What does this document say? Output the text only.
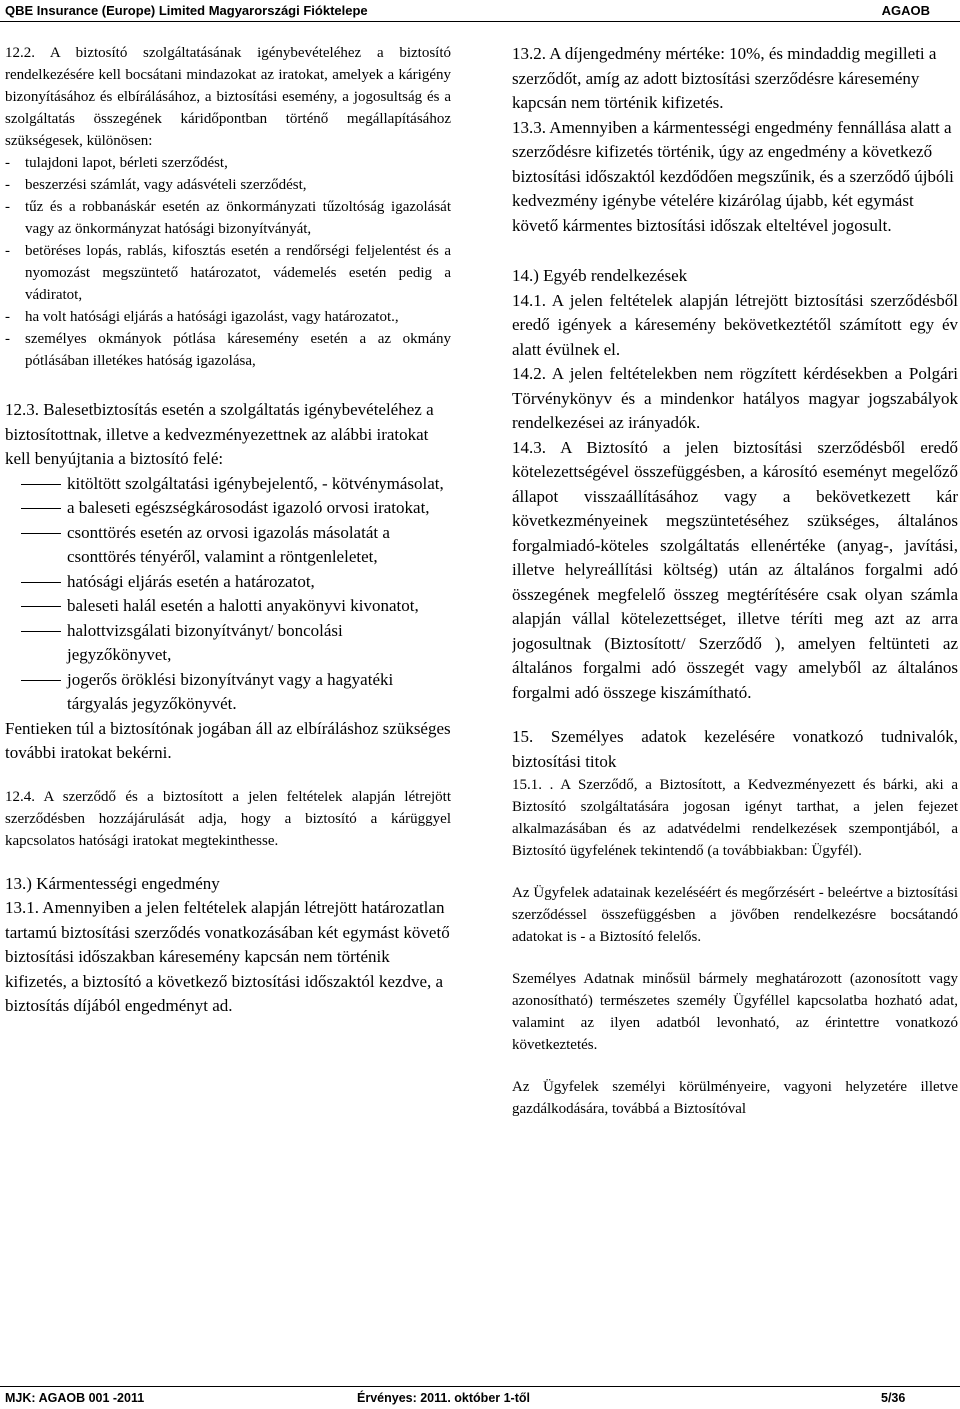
QBE Insurance (Europe) Limited Magyarországi Fióktelepe	AGAOB

12.2. A biztosító szolgáltatásának igénybevételéhez a biztosító rendelkezésére kell bocsátani mindazokat az iratokat, amelyek a kárigény bizonyításához és elbírálásához, a biztosítási esemény, a jogosultság és a szolgáltatás összegének káridőpontban történő megállapításához szükségesek, különösen:

- tulajdoni lapot, bérleti szerződést,
- beszerzési számlát, vagy adásvételi szerződést,
- tűz és a robbanáskár esetén az önkormányzati tűzoltóság igazolását vagy az önkormányzat hatósági bizonyítványát,
- betöréses lopás, rablás, kifosztás esetén a rendőrségi feljelentést és a nyomozást megszüntető határozatot, vádemelés esetén pedig a vádiratot,
- ha volt hatósági eljárás a hatósági igazolást, vagy határozatot.,
- személyes okmányok pótlása káresemény esetén a az okmány pótlásában illetékes hatóság igazolása,

12.3. Balesetbiztosítás esetén a szolgáltatás igénybevételéhez a biztosítottnak, illetve a kedvezményezettnek az alábbi iratokat kell benyújtania a biztosító felé:

kitöltött szolgáltatási igénybejelentő, - kötvénymásolat,
a baleseti egészségkárosodást igazoló orvosi iratokat,
csonttörés esetén az orvosi igazolás másolatát a csonttörés tényéről, valamint a röntgenleletet,
hatósági eljárás esetén a határozatot,
baleseti halál esetén a halotti anyakönyvi kivonatot,
halottvizsgálati bizonyítványt/ boncolási jegyzőkönyvet,
jogerős öröklési bizonyítványt vagy a hagyatéki tárgyalás jegyzőkönyvét.

Fentieken túl a biztosítónak jogában áll az elbíráláshoz szükséges további iratokat bekérni.

12.4. A szerződő és a biztosított a jelen feltételek alapján létrejött szerződésben hozzájárulását adja, hogy a biztosító a kárüggyel kapcsolatos hatósági iratokat megtekinthesse.

13.) Kármentességi engedmény

13.1. Amennyiben a jelen feltételek alapján létrejött határozatlan tartamú biztosítási szerződés vonatkozásában két egymást követő biztosítási időszakban káresemény kapcsán nem történik kifizetés, a biztosító a következő biztosítási időszaktól kezdve, a biztosítás díjából engedményt ad.

13.2. A díjengedmény mértéke: 10%, és mindaddig megilleti a szerződőt, amíg az adott biztosítási szerződésre káresemény kapcsán nem történik kifizetés.

13.3. Amennyiben a kármentességi engedmény fennállása alatt a szerződésre kifizetés történik, úgy az engedmény a következő biztosítási időszaktól kezdődően megszűnik, és a szerződő újbóli kedvezmény igénybe vételére kizárólag újabb, két egymást követő kármentes biztosítási időszak elteltével jogosult.

14.) Egyéb rendelkezések

14.1. A jelen feltételek alapján létrejött biztosítási szerződésből eredő igények a káresemény bekövetkeztétől számított egy év alatt évülnek el.

14.2. A jelen feltételekben nem rögzített kérdésekben a Polgári Törvénykönyv és a mindenkor hatályos magyar jogszabályok rendelkezései az irányadók.

14.3. A Biztosító a jelen biztosítási szerződésből eredő kötelezettségével összefüggésben, a károsító eseményt megelőző állapot visszaállításához vagy a bekövetkezett kár következményeinek megszüntetéséhez szükséges, általános forgalmiadó-köteles szolgáltatás ellenértéke (anyag-, javítási, illetve helyreállítási költség) után az általános forgalmi adó összegének megfelelő összeg megtérítésére csak olyan számla alapján vállal kötelezettséget, illetve téríti meg azt az arra jogosultnak (Biztosított/ Szerződő ), amelyen feltünteti az általános forgalmi adó összegét vagy amelyből az általános forgalmi adó összege kiszámítható.

15. Személyes adatok kezelésére vonatkozó tudnivalók, biztosítási titok

15.1. . A Szerződő, a Biztosított, a Kedvezményezett és bárki, aki a Biztosító szolgáltatására jogosan igényt tarthat, a jelen fejezet alkalmazásában és az adatvédelmi rendelkezések szempontjából, a Biztosító ügyfelének tekintendő (a továbbiakban: Ügyfél).

Az Ügyfelek adatainak kezeléséért és megőrzésért - beleértve a biztosítási szerződéssel összefüggésben a jövőben rendelkezésre bocsátandó adatokat is - a Biztosító felelős.

Személyes Adatnak minősül bármely meghatározott (azonosított vagy azonosítható) természetes személy Ügyféllel kapcsolatba hozható adat, valamint az ilyen adatból levonható, az érintettre vonatkozó következtetés.

Az Ügyfelek személyi körülményeire, vagyoni helyzetére illetve gazdálkodására, továbbá a Biztosítóval

MJK: AGAOB 001 -2011	Érvényes: 2011. október 1-től	5/36
